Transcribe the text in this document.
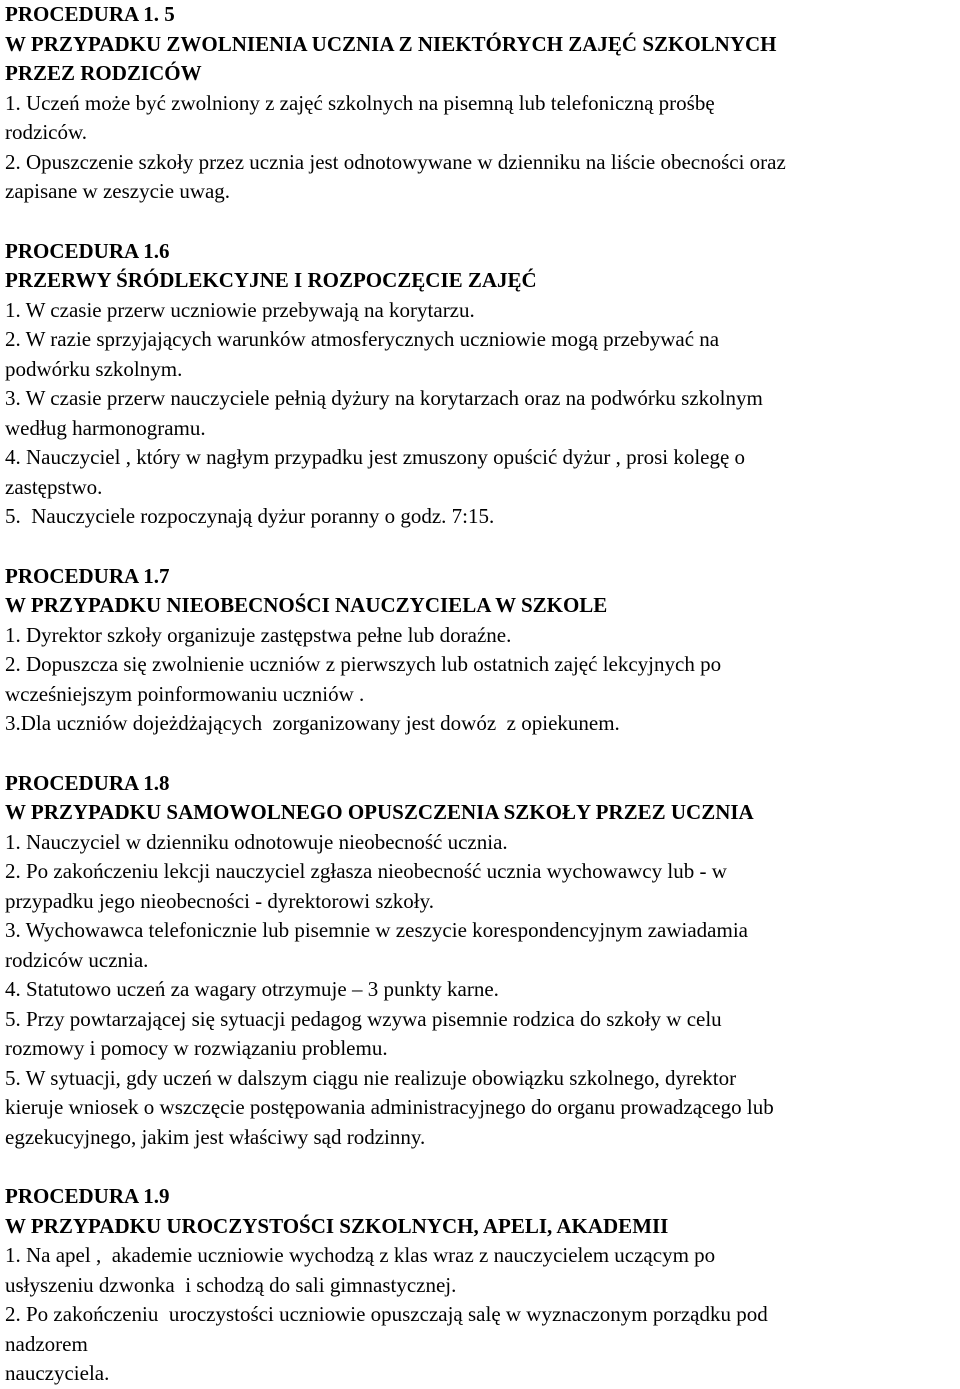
PROCEDURA 1. 5
W PRZYPADKU ZWOLNIENIA UCZNIA Z NIEKTÓRYCH ZAJĘĆ SZKOLNYCH
PRZEZ RODZICÓW
1. Uczeń może być zwolniony z zajęć szkolnych na pisemną lub telefoniczną prośbę
rodziców.
2. Opuszczenie szkoły przez ucznia jest odnotowywane w dzienniku na liście obecności oraz
zapisane w zeszycie uwag.
PROCEDURA 1.6
PRZERWY ŚRÓDLEKCYJNE I ROZPOCZĘCIE ZAJĘĆ
1. W czasie przerw uczniowie przebywają na korytarzu.
2. W razie sprzyjających warunków atmosferycznych uczniowie mogą przebywać na
podwórku szkolnym.
3. W czasie przerw nauczyciele pełnią dyżury na korytarzach oraz na podwórku szkolnym
według harmonogramu.
4. Nauczyciel , który w nagłym przypadku jest zmuszony opuścić dyżur , prosi kolegę o
zastępstwo.
5.  Nauczyciele rozpoczynają dyżur poranny o godz. 7:15.
PROCEDURA 1.7
W PRZYPADKU NIEOBECNOŚCI NAUCZYCIELA W SZKOLE
1. Dyrektor szkoły organizuje zastępstwa pełne lub doraźne.
2. Dopuszcza się zwolnienie uczniów z pierwszych lub ostatnich zajęć lekcyjnych po
wcześniejszym poinformowaniu uczniów .
3.Dla uczniów dojeżdżających  zorganizowany jest dowóz  z opiekunem.
PROCEDURA 1.8
W PRZYPADKU SAMOWOLNEGO OPUSZCZENIA SZKOŁY PRZEZ UCZNIA
1. Nauczyciel w dzienniku odnotowuje nieobecność ucznia.
2. Po zakończeniu lekcji nauczyciel zgłasza nieobecność ucznia wychowawcy lub - w
przypadku jego nieobecności - dyrektorowi szkoły.
3. Wychowawca telefonicznie lub pisemnie w zeszycie korespondencyjnym zawiadamia
rodziców ucznia.
4. Statutowo uczeń za wagary otrzymuje – 3 punkty karne.
5. Przy powtarzającej się sytuacji pedagog wzywa pisemnie rodzica do szkoły w celu
rozmowy i pomocy w rozwiązaniu problemu.
5. W sytuacji, gdy uczeń w dalszym ciągu nie realizuje obowiązku szkolnego, dyrektor
kieruje wniosek o wszczęcie postępowania administracyjnego do organu prowadzącego lub
egzekucyjnego, jakim jest właściwy sąd rodzinny.
PROCEDURA 1.9
W PRZYPADKU UROCZYSTOŚCI SZKOLNYCH, APELI, AKADEMII
1. Na apel ,  akademie uczniowie wychodzą z klas wraz z nauczycielem uczącym po
usłyszeniu dzwonka  i schodzą do sali gimnastycznej.
2. Po zakończeniu  uroczystości uczniowie opuszczają salę w wyznaczonym porządku pod
nadzorem
nauczyciela.
